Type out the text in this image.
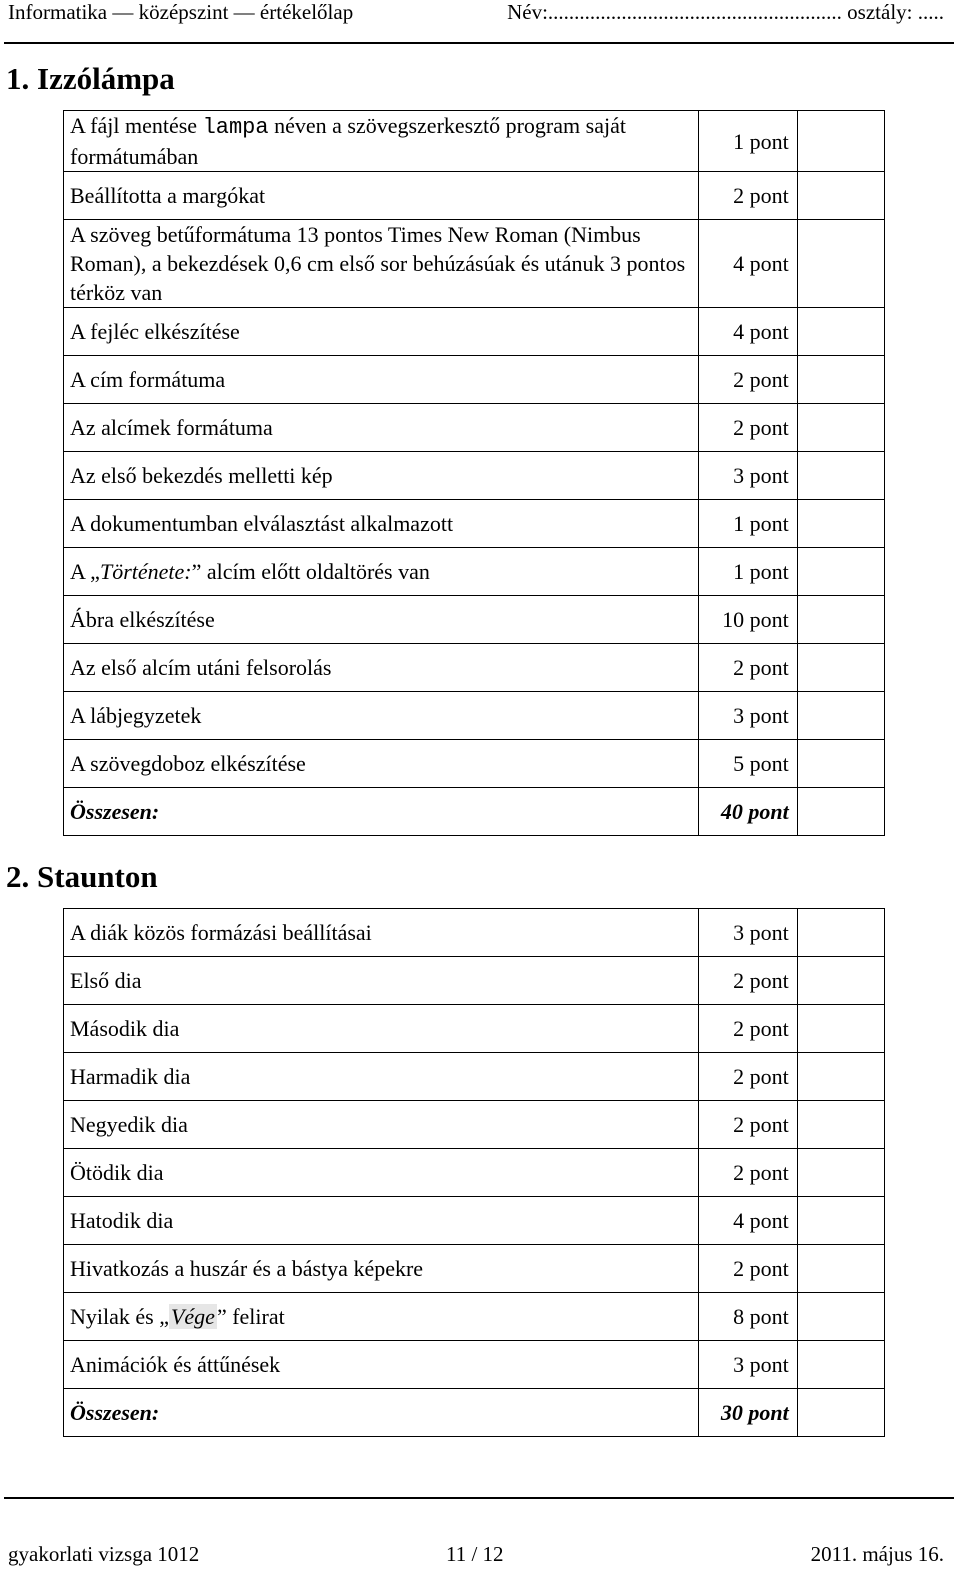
Informatika — középszint — értékelőlap	Név:........................................................ osztály: .....
1. Izzólámpa
A fájl mentése lampa néven a szövegszerkesztő program saját formátumában	1 pont	
Beállította a margókat	2 pont	
A szöveg betűformátuma 13 pontos Times New Roman (Nimbus Roman), a bekezdések 0,6 cm első sor behúzásúak és utánuk 3 pontos térköz van	4 pont	
A fejléc elkészítése	4 pont	
A cím formátuma	2 pont	
Az alcímek formátuma	2 pont	
Az első bekezdés melletti kép	3 pont	
A dokumentumban elválasztást alkalmazott	1 pont	
A „Története:” alcím előtt oldaltörés van	1 pont	
Ábra elkészítése	10 pont	
Az első alcím utáni felsorolás	2 pont	
A lábjegyzetek	3 pont	
A szövegdoboz elkészítése	5 pont	
Összesen:	40 pont	
2. Staunton
A diák közös formázási beállításai	3 pont	
Első dia	2 pont	
Második dia	2 pont	
Harmadik dia	2 pont	
Negyedik dia	2 pont	
Ötödik dia	2 pont	
Hatodik dia	4 pont	
Hivatkozás a huszár és a bástya képekre	2 pont	
Nyilak és „Vége” felirat	8 pont	
Animációk és áttűnések	3 pont	
Összesen:	30 pont	
gyakorlati vizsga 1012	11 / 12	2011. május 16.
